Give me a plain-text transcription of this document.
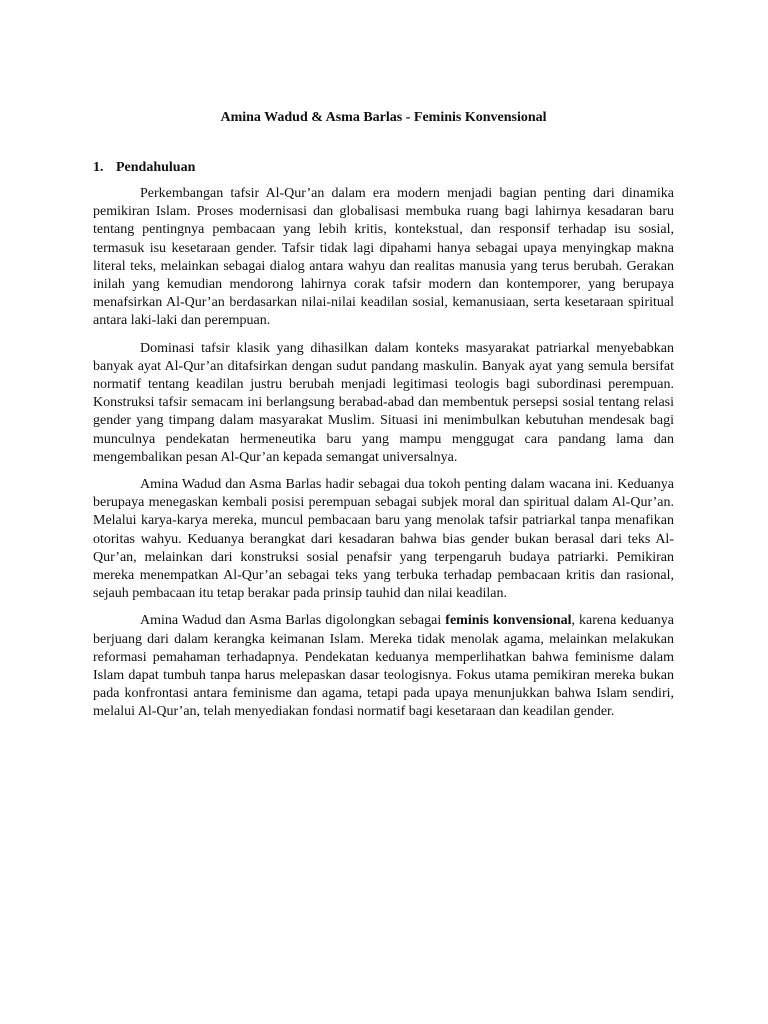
Amina Wadud & Asma Barlas - Feminis Konvensional
1. Pendahuluan

Perkembangan tafsir Al-Qur’an dalam era modern menjadi bagian penting dari dinamika pemikiran Islam. Proses modernisasi dan globalisasi membuka ruang bagi lahirnya kesadaran baru tentang pentingnya pembacaan yang lebih kritis, kontekstual, dan responsif terhadap isu sosial, termasuk isu kesetaraan gender. Tafsir tidak lagi dipahami hanya sebagai upaya menyingkap makna literal teks, melainkan sebagai dialog antara wahyu dan realitas manusia yang terus berubah. Gerakan inilah yang kemudian mendorong lahirnya corak tafsir modern dan kontemporer, yang berupaya menafsirkan Al-Qur’an berdasarkan nilai-nilai keadilan sosial, kemanusiaan, serta kesetaraan spiritual antara laki-laki dan perempuan.

Dominasi tafsir klasik yang dihasilkan dalam konteks masyarakat patriarkal menyebabkan banyak ayat Al-Qur’an ditafsirkan dengan sudut pandang maskulin. Banyak ayat yang semula bersifat normatif tentang keadilan justru berubah menjadi legitimasi teologis bagi subordinasi perempuan. Konstruksi tafsir semacam ini berlangsung berabad-abad dan membentuk persepsi sosial tentang relasi gender yang timpang dalam masyarakat Muslim. Situasi ini menimbulkan kebutuhan mendesak bagi munculnya pendekatan hermeneutika baru yang mampu menggugat cara pandang lama dan mengembalikan pesan Al-Qur’an kepada semangat universalnya.

Amina Wadud dan Asma Barlas hadir sebagai dua tokoh penting dalam wacana ini. Keduanya berupaya menegaskan kembali posisi perempuan sebagai subjek moral dan spiritual dalam Al-Qur’an. Melalui karya-karya mereka, muncul pembacaan baru yang menolak tafsir patriarkal tanpa menafikan otoritas wahyu. Keduanya berangkat dari kesadaran bahwa bias gender bukan berasal dari teks Al-Qur’an, melainkan dari konstruksi sosial penafsir yang terpengaruh budaya patriarki. Pemikiran mereka menempatkan Al-Qur’an sebagai teks yang terbuka terhadap pembacaan kritis dan rasional, sejauh pembacaan itu tetap berakar pada prinsip tauhid dan nilai keadilan.

Amina Wadud dan Asma Barlas digolongkan sebagai feminis konvensional, karena keduanya berjuang dari dalam kerangka keimanan Islam. Mereka tidak menolak agama, melainkan melakukan reformasi pemahaman terhadapnya. Pendekatan keduanya memperlihatkan bahwa feminisme dalam Islam dapat tumbuh tanpa harus melepaskan dasar teologisnya. Fokus utama pemikiran mereka bukan pada konfrontasi antara feminisme dan agama, tetapi pada upaya menunjukkan bahwa Islam sendiri, melalui Al-Qur’an, telah menyediakan fondasi normatif bagi kesetaraan dan keadilan gender.
